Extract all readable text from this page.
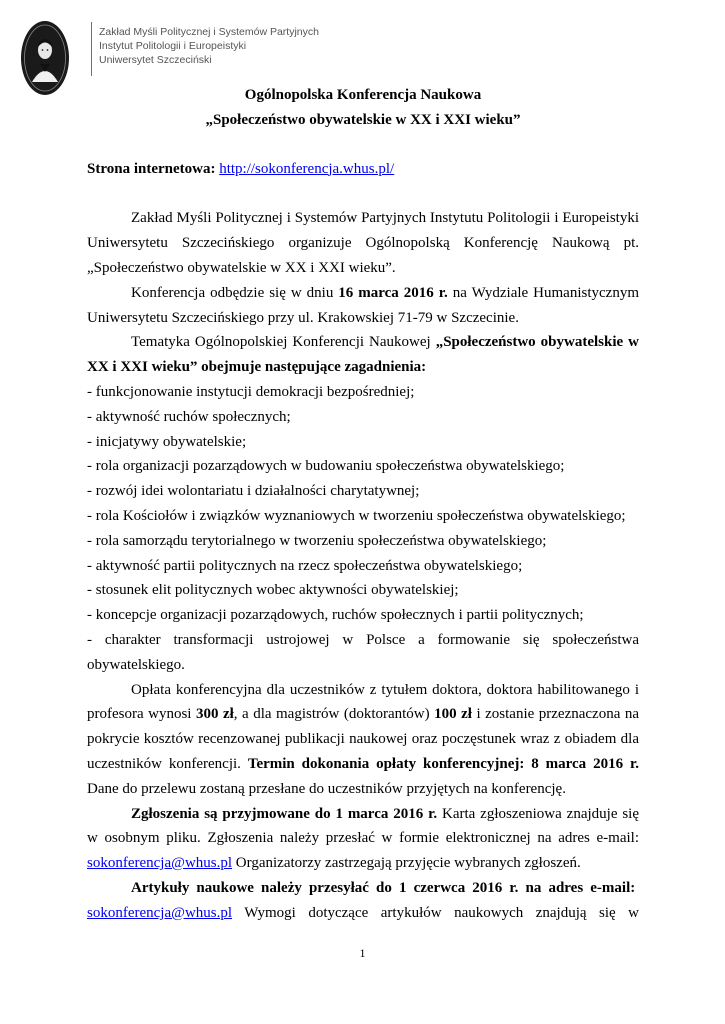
Zakład Myśli Politycznej i Systemów Partyjnych
Instytut Politologii i Europeistyki
Uniwersytet Szczeciński
Ogólnopolska Konferencja Naukowa
„Społeczeństwo obywatelskie w XX i XXI wieku”
Strona internetowa: http://sokonferencja.whus.pl/
Zakład Myśli Politycznej i Systemów Partyjnych Instytutu Politologii i Europeistyki Uniwersytetu Szczecińskiego organizuje Ogólnopolską Konferencję Naukową pt. „Społeczeństwo obywatelskie w XX i XXI wieku”.
Konferencja odbędzie się w dniu 16 marca 2016 r. na Wydziale Humanistycznym Uniwersytetu Szczecińskiego przy ul. Krakowskiej 71-79 w Szczecinie.
Tematyka Ogólnopolskiej Konferencji Naukowej „Społeczeństwo obywatelskie w XX i XXI wieku” obejmuje następujące zagadnienia:
- funkcjonowanie instytucji demokracji bezpośredniej;
- aktywność ruchów społecznych;
- inicjatywy obywatelskie;
- rola organizacji pozarządowych w budowaniu społeczeństwa obywatelskiego;
- rozwój idei wolontariatu i działalności charytatywnej;
- rola Kościołów i związków wyznaniowych w tworzeniu społeczeństwa obywatelskiego;
- rola samorządu terytorialnego w tworzeniu społeczeństwa obywatelskiego;
- aktywność partii politycznych na rzecz społeczeństwa obywatelskiego;
- stosunek elit politycznych wobec aktywności obywatelskiej;
- koncepcje organizacji pozarządowych, ruchów społecznych i partii politycznych;
- charakter transformacji ustrojowej w Polsce a formowanie się społeczeństwa obywatelskiego.
Opłata konferencyjna dla uczestników z tytułem doktora, doktora habilitowanego i profesora wynosi 300 zł, a dla magistrów (doktorantów) 100 zł i zostanie przeznaczona na pokrycie kosztów recenzowanej publikacji naukowej oraz poczęstunek wraz z obiadem dla uczestników konferencji. Termin dokonania opłaty konferencyjnej: 8 marca 2016 r. Dane do przelewu zostaną przesłane do uczestników przyjętych na konferencję.
Zgłoszenia są przyjmowane do 1 marca 2016 r. Karta zgłoszeniowa znajduje się w osobnym pliku. Zgłoszenia należy przesłać w formie elektronicznej na adres e-mail: sokonferencja@whus.pl Organizatorzy zastrzegają przyjęcie wybranych zgłoszeń.
Artykuły naukowe należy przesyłać do 1 czerwca 2016 r. na adres e-mail:  sokonferencja@whus.pl Wymogi dotyczące artykułów naukowych znajdują się w
1
